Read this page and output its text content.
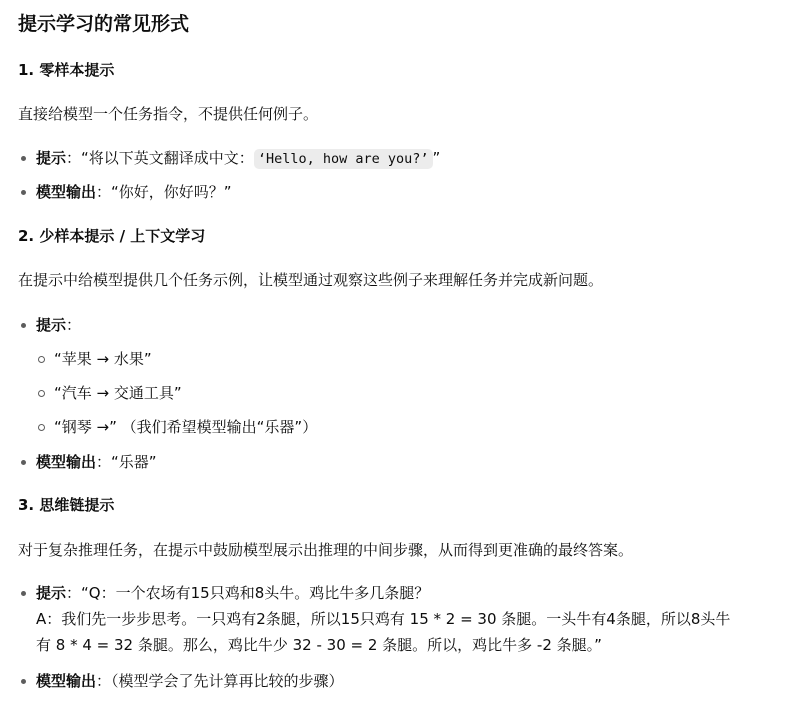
提示学习的常见形式
1. 零样本提示

直接给模型一个任务指令，不提供任何例子。

提示：“将以下英文翻译成中文： ‘Hello, how are you?’ ”
模型输出：“你好，你好吗？”
2. 少样本提示 / 上下文学习

在提示中给模型提供几个任务示例，让模型通过观察这些例子来理解任务并完成新问题。

提示：
“苹果 → 水果”
“汽车 → 交通工具”
“钢琴 →” （我们希望模型输出“乐器”）
模型输出：“乐器”
3. 思维链提示

对于复杂推理任务，在提示中鼓励模型展示出推理的中间步骤，从而得到更准确的最终答案。

提示：“Q：一个农场有15只鸡和8头牛。鸡比牛多几条腿？
A：我们先一步步思考。一只鸡有2条腿，所以15只鸡有 15 * 2 = 30 条腿。一头牛有4条腿，所以8头牛
有 8 * 4 = 32 条腿。那么，鸡比牛少 32 - 30 = 2 条腿。所以，鸡比牛多 -2 条腿。”
模型输出：（模型学会了先计算再比较的步骤）
